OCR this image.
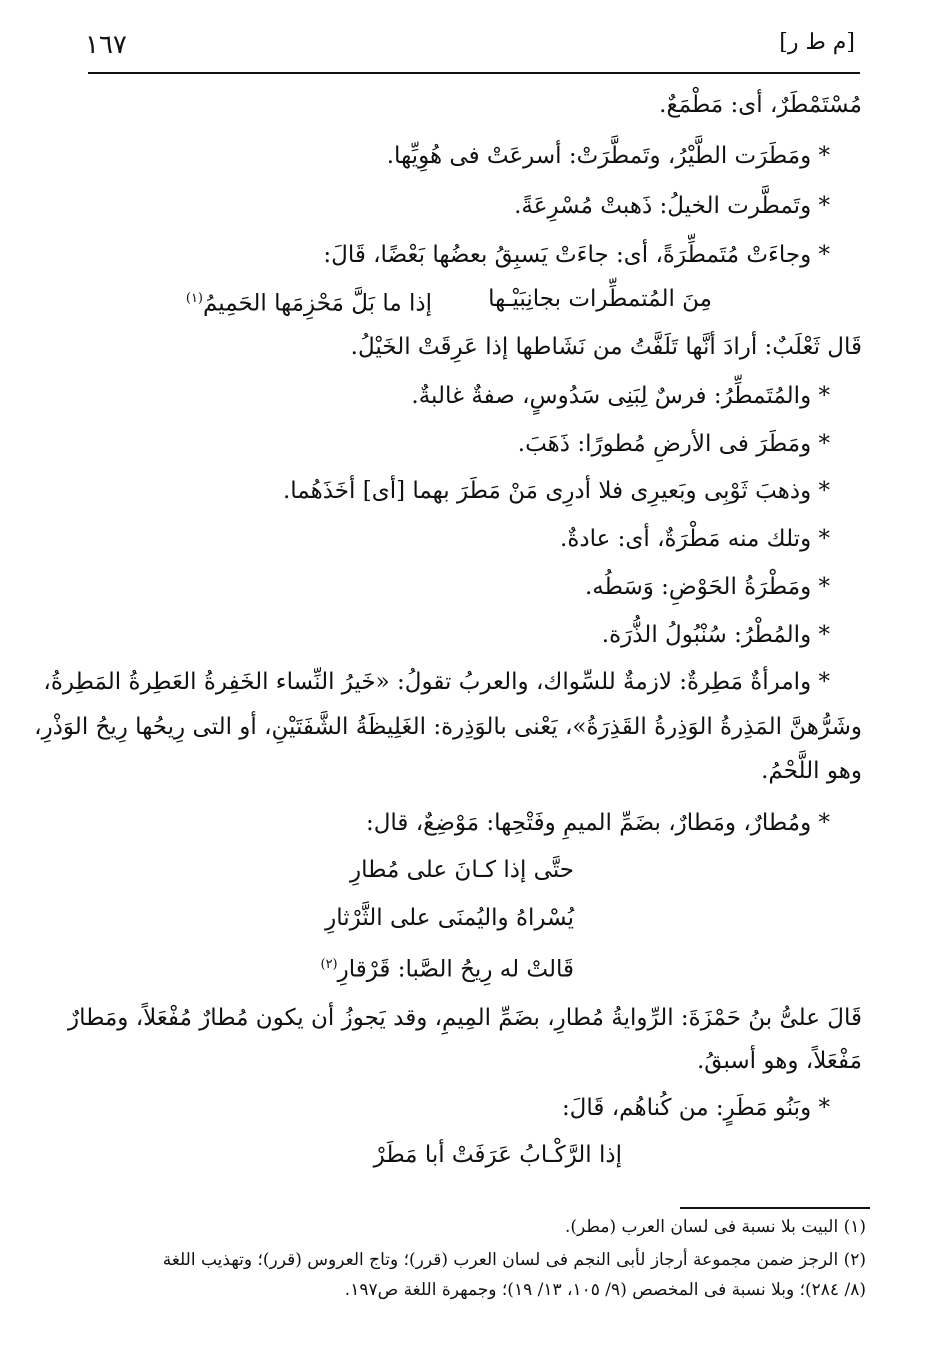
[م ط ر]
١٦٧
مُسْتَمْطَرٌ، أى: مَطْمَعٌ.
* ومَطَرَت الطَّيْرُ، وتَمطَّرَتْ: أسرعَتْ فى هُوِيِّها.
* وتَمطَّرت الخيلُ: ذَهبتْ مُسْرِعَةً.
* وجاءَتْ مُتَمطِّرَةً، أى: جاءَتْ يَسبِقُ بعضُها بَعْضًا، قَالَ:
مِنَ المُتمطِّرات بجانِبَيْـها
إذا ما بَلَّ مَحْزِمَها الحَمِيمُ$^{(١)}$
قَال ثَعْلَبٌ: أرادَ أنَّها تَلَفَّتُ من نَشَاطها إذا عَرِقَتْ الخَيْلُ.
* والمُتَمطِّرُ: فرسٌ لِبَنِى سَدُوسٍ، صفةٌ غالبةٌ.
* ومَطَرَ فى الأرضِ مُطورًا: ذَهَبَ.
* وذهبَ ثَوْبِى وبَعيرِى فلا أدرِى مَنْ مَطَرَ بهما [أى] أخَذَهُما.
* وتلك منه مَطْرَةٌ، أى: عادةٌ.
* ومَطْرَةُ الحَوْضِ: وَسَطُه.
* والمُطْرُ: سُنْبُولُ الذُّرَة.
* وامرأةٌ مَطِرةٌ: لازمةٌ للسِّواك، والعربُ تقولُ: «خَيرُ النِّساء الخَفِرةُ العَطِرةُ المَطِرةُ،
وشَرُّهنَّ المَذِرةُ الوَذِرةُ القَذِرَةُ»، يَعْنى بالوَذِرة: الغَلِيظَةُ الشَّفَتَيْنِ، أو التى رِيحُها رِيحُ الوَذْرِ،
وهو اللَّحْمُ.
* ومُطارٌ، ومَطارٌ، بضَمِّ الميمِ وفَتْحِها: مَوْضِعٌ، قال:
حتَّى إذا كـانَ على مُطارِ
يُسْراهُ واليُمنَى على الثَّرْثارِ
قَالتْ له رِيحُ الصَّبا: قَرْقارِ$^{(٢)}$
قَالَ علىُّ بنُ حَمْزَةَ: الرِّوايةُ مُطارِ، بضَمِّ المِيمِ، وقد يَجوزُ أن يكون مُطارٌ مُفْعَلاً، ومَطارٌ
مَفْعَلاً، وهو أسبقُ.
* وبَنُو مَطَرٍ: من كُناهُم، قَالَ:
إذا الرَّكْـابُ عَرَفَتْ أبا مَطَرْ
(١) البيت بلا نسبة فى لسان العرب (مطر).
(٢) الرجز ضمن مجموعة أرجاز لأبى النجم فى لسان العرب (قرر)؛ وتاج العروس (قرر)؛ وتهذيب اللغة
(٨/ ٢٨٤)؛ وبلا نسبة فى المخصص (٩/ ١٠٥، ١٣/ ١٩)؛ وجمهرة اللغة ص١٩٧.
